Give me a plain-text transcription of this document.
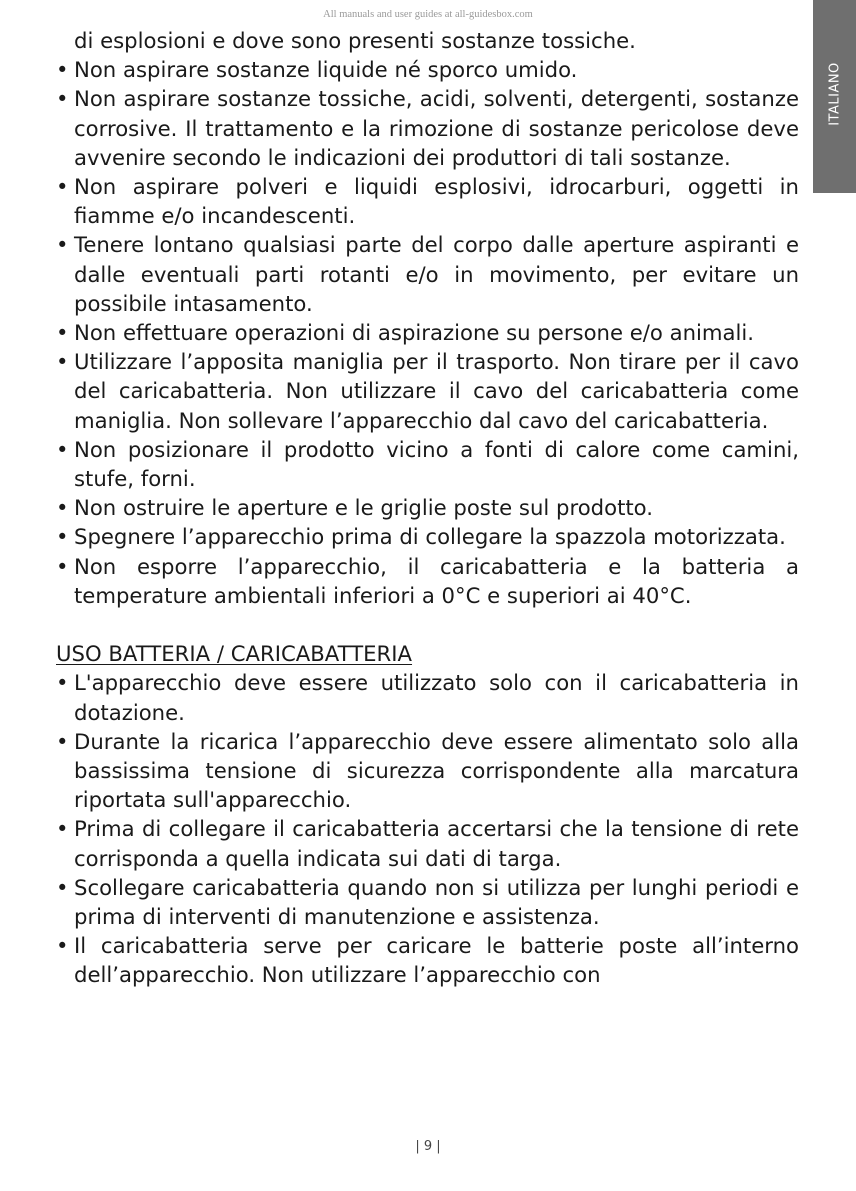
All manuals and user guides at all-guidesbox.com
ITALIANO

di esplosioni e dove sono presenti sostanze tossiche.

• Non aspirare sostanze liquide né sporco umido.
• Non aspirare sostanze tossiche, acidi, solventi, detergenti, sostanze corrosive. Il trattamento e la rimozione di sostanze pericolose deve avvenire secondo le indicazioni dei produttori di tali sostanze.
• Non aspirare polveri e liquidi esplosivi, idrocarburi, oggetti in fiamme e/o incandescenti.
• Tenere lontano qualsiasi parte del corpo dalle aperture aspiranti e dalle eventuali parti rotanti e/o in movimento, per evitare un possibile intasamento.
• Non effettuare operazioni di aspirazione su persone e/o animali.
• Utilizzare l’apposita maniglia per il trasporto. Non tirare per il cavo del caricabatteria. Non utilizzare il cavo del caricabatteria come maniglia. Non sollevare l’apparecchio dal cavo del caricabatteria.
• Non posizionare il prodotto vicino a fonti di calore come camini, stufe, forni.
• Non ostruire le aperture e le griglie poste sul prodotto.
• Spegnere l’apparecchio prima di collegare la spazzola motorizzata.
• Non esporre l’apparecchio, il caricabatteria e la batteria a temperature ambientali inferiori a 0°C e superiori ai 40°C.

USO BATTERIA / CARICABATTERIA

• L'apparecchio deve essere utilizzato solo con il caricabatteria in dotazione.
• Durante la ricarica l’apparecchio deve essere alimentato solo alla bassissima tensione di sicurezza corrispondente alla marcatura riportata sull'apparecchio.
• Prima di collegare il caricabatteria accertarsi che la tensione di rete corrisponda a quella indicata sui dati di targa.
• Scollegare caricabatteria quando non si utilizza per lunghi periodi e prima di interventi di manutenzione e assistenza.
• Il caricabatteria serve per caricare le batterie poste all’interno dell’apparecchio. Non utilizzare l’apparecchio con
| 9 |
